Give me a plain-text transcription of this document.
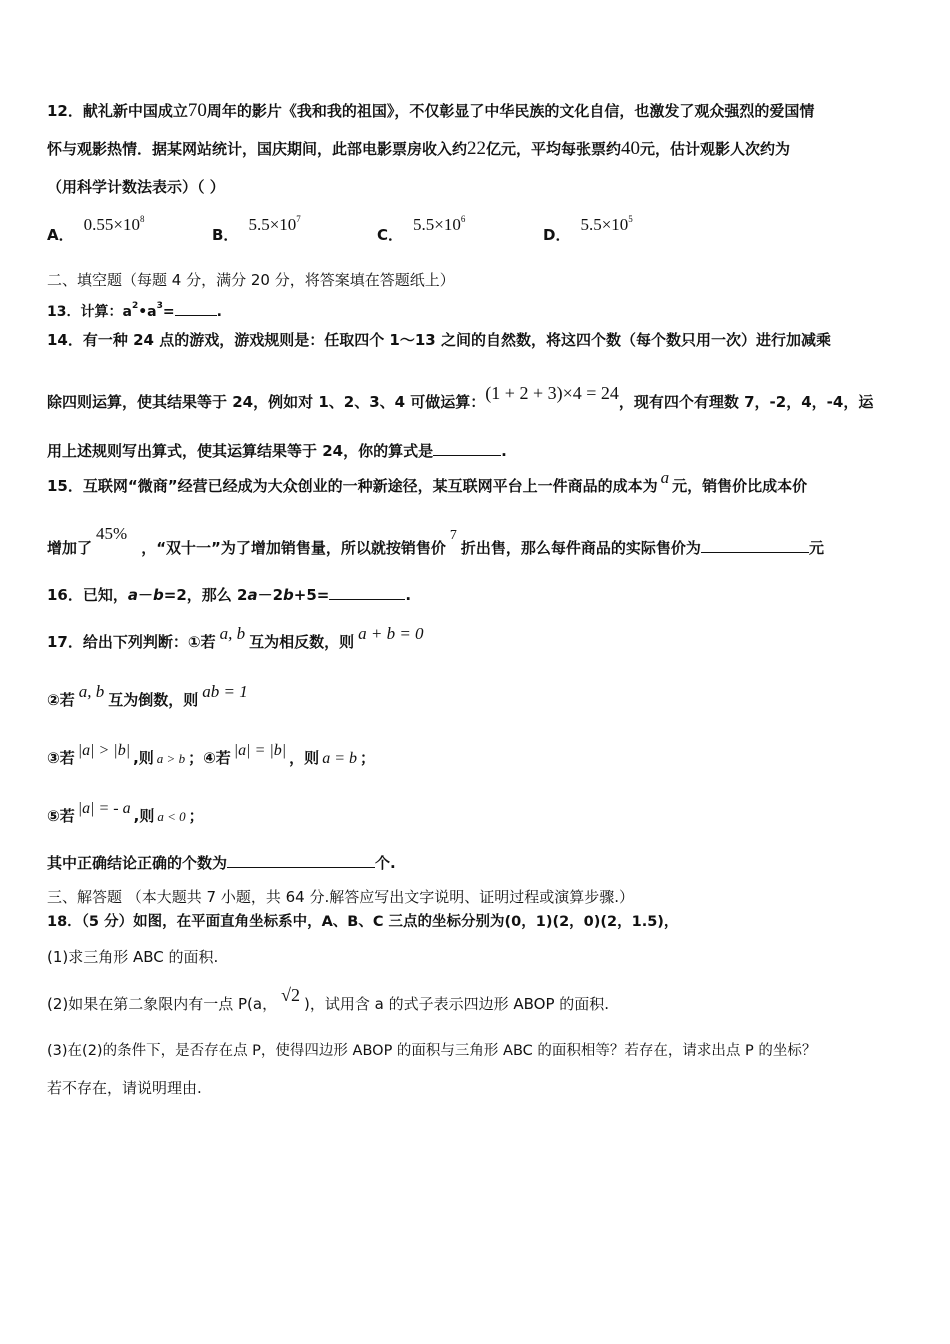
12．献礼新中国成立70周年的影片《我和我的祖国》，不仅彰显了中华民族的文化自信，也激发了观众强烈的爱国情
怀与观影热情．据某网站统计，国庆期间，此部电影票房收入约22亿元，平均每张票约40元，估计观影人次约为
（用科学计数法表示）（ ）
A．$0.55\times 10^8$
B．$5.5\times 10^7$
C．$5.5\times 10^6$
D．$5.5\times 10^5$
二、填空题（每题 4 分，满分 20 分，将答案填在答题纸上）
13．计算：$a^2•a^3=$	.
14．有一种 24 点的游戏，游戏规则是：任取四个 1～13 之间的自然数，将这四个数（每个数只用一次）进行加减乘
除四则运算，使其结果等于 24，例如对 1、2、3、4 可做运算：(1 + 2 + 3)×4 = 24，现有四个有理数 7，-2，4，-4，运
用上述规则写出算式，使其运算结果等于 24，你的算式是	.
15．互联网“微商”经营已经成为大众创业的一种新途径，某互联网平台上一件商品的成本为 a 元，销售价比成本价
增加了45%，“双十一”为了增加销售量，所以就按销售价7折出售，那么每件商品的实际售价为	元
16．已知，a－b=2，那么 2a－2b+5=	.
17．给出下列判断：①若 a, b 互为相反数，则 a + b = 0
②若 a, b 互为倒数，则 ab = 1
③若 |a| > |b| ,则 a > b ；④若 |a| = |b| ，则 a = b ；
⑤若 |a| = - a ,则 a < 0 ；
其中正确结论正确的个数为	个.
三、解答题 （本大题共 7 小题，共 64 分.解答应写出文字说明、证明过程或演算步骤.）
18．（5 分）如图，在平面直角坐标系中，A、B、C 三点的坐标分别为(0，1)(2，0)(2，1.5)，
(1)求三角形 ABC 的面积.
(2)如果在第二象限内有一点 P(a， √2 )，试用含 a 的式子表示四边形 ABOP 的面积.
(3)在(2)的条件下，是否存在点 P，使得四边形 ABOP 的面积与三角形 ABC 的面积相等？若存在，请求出点 P 的坐标？
若不存在，请说明理由.
